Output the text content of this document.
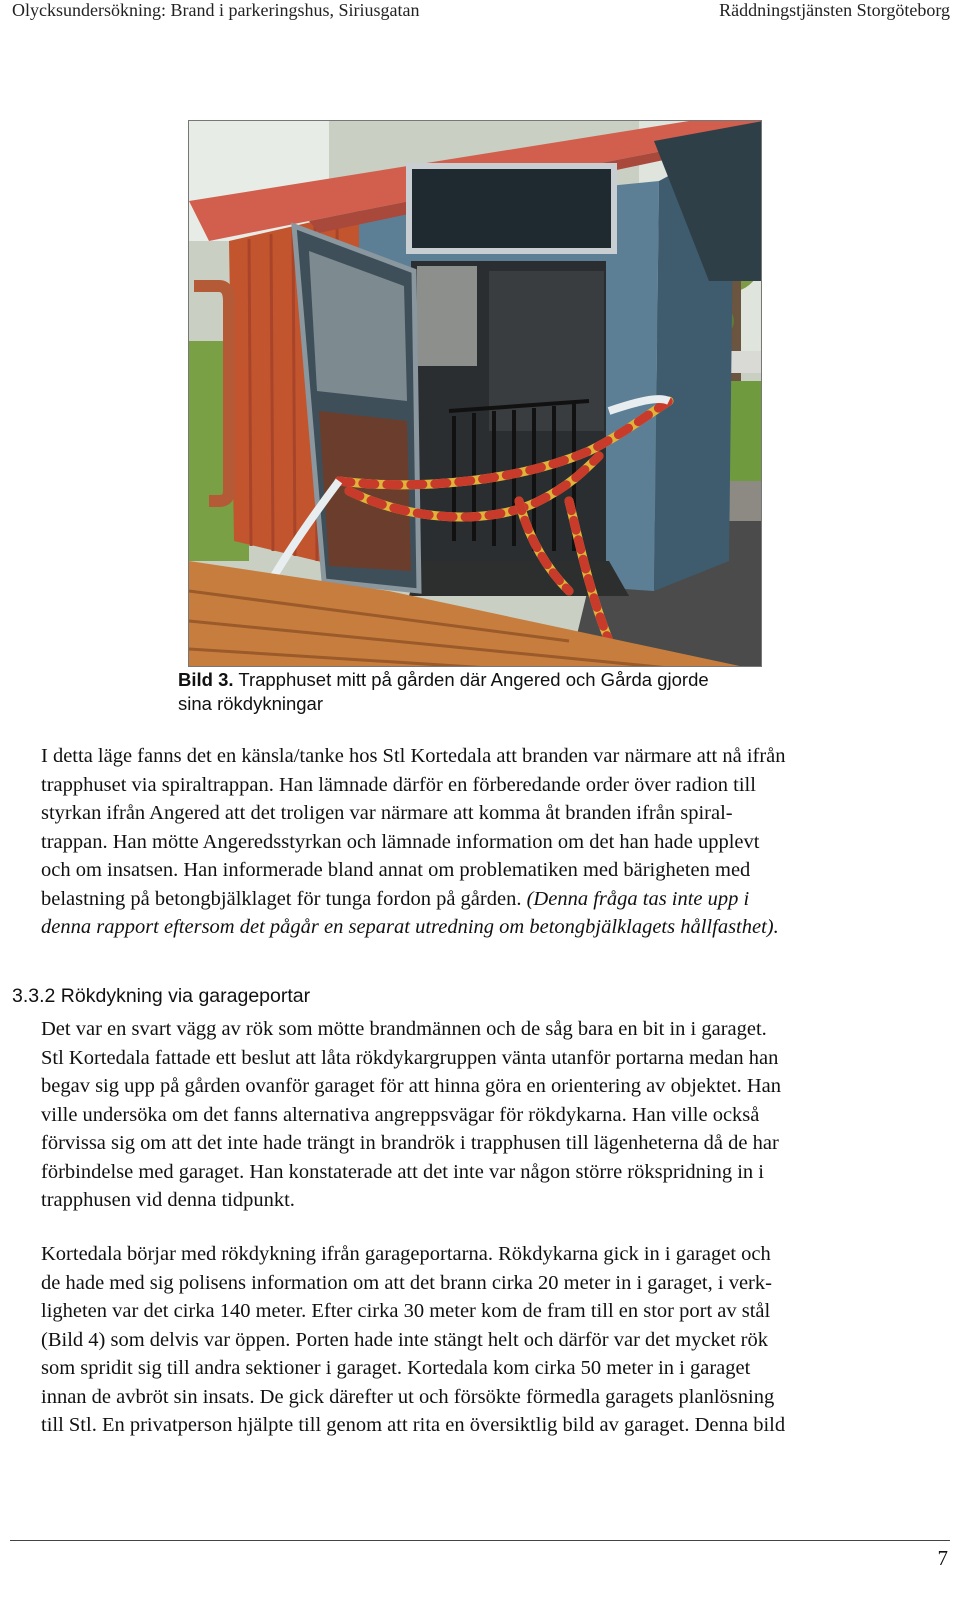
Olycksundersökning: Brand i parkeringshus, Siriusgatan	Räddningstjänsten Storgöteborg
Bild 3. Trapphuset mitt på gården där Angered och Gårda gjorde
sina rökdykningar
I detta läge fanns det en känsla/tanke hos Stl Kortedala att branden var närmare att nå ifrån
trapphuset via spiraltrappan. Han lämnade därför en förberedande order över radion till
styrkan ifrån Angered att det troligen var närmare att komma åt branden ifrån spiral-
trappan. Han mötte Angeredsstyrkan och lämnade information om det han hade upplevt
och om insatsen. Han informerade bland annat om problematiken med bärigheten med
belastning på betongbjälklaget för tunga fordon på gården. (Denna fråga tas inte upp i
denna rapport eftersom det pågår en separat utredning om betongbjälklagets hållfasthet).
3.3.2 Rökdykning via garageportar
Det var en svart vägg av rök som mötte brandmännen och de såg bara en bit in i garaget.
Stl Kortedala fattade ett beslut att låta rökdykargruppen vänta utanför portarna medan han
begav sig upp på gården ovanför garaget för att hinna göra en orientering av objektet. Han
ville undersöka om det fanns alternativa angreppsvägar för rökdykarna. Han ville också
förvissa sig om att det inte hade trängt in brandrök i trapphusen till lägenheterna då de har
förbindelse med garaget. Han konstaterade att det inte var någon större rökspridning in i
trapphusen vid denna tidpunkt.
Kortedala börjar med rökdykning ifrån garageportarna. Rökdykarna gick in i garaget och
de hade med sig polisens information om att det brann cirka 20 meter in i garaget, i verk-
ligheten var det cirka 140 meter. Efter cirka 30 meter kom de fram till en stor port av stål
(Bild 4) som delvis var öppen. Porten hade inte stängt helt och därför var det mycket rök
som spridit sig till andra sektioner i garaget. Kortedala kom cirka 50 meter in i garaget
innan de avbröt sin insats. De gick därefter ut och försökte förmedla garagets planlösning
till Stl. En privatperson hjälpte till genom att rita en översiktlig bild av garaget. Denna bild
7
